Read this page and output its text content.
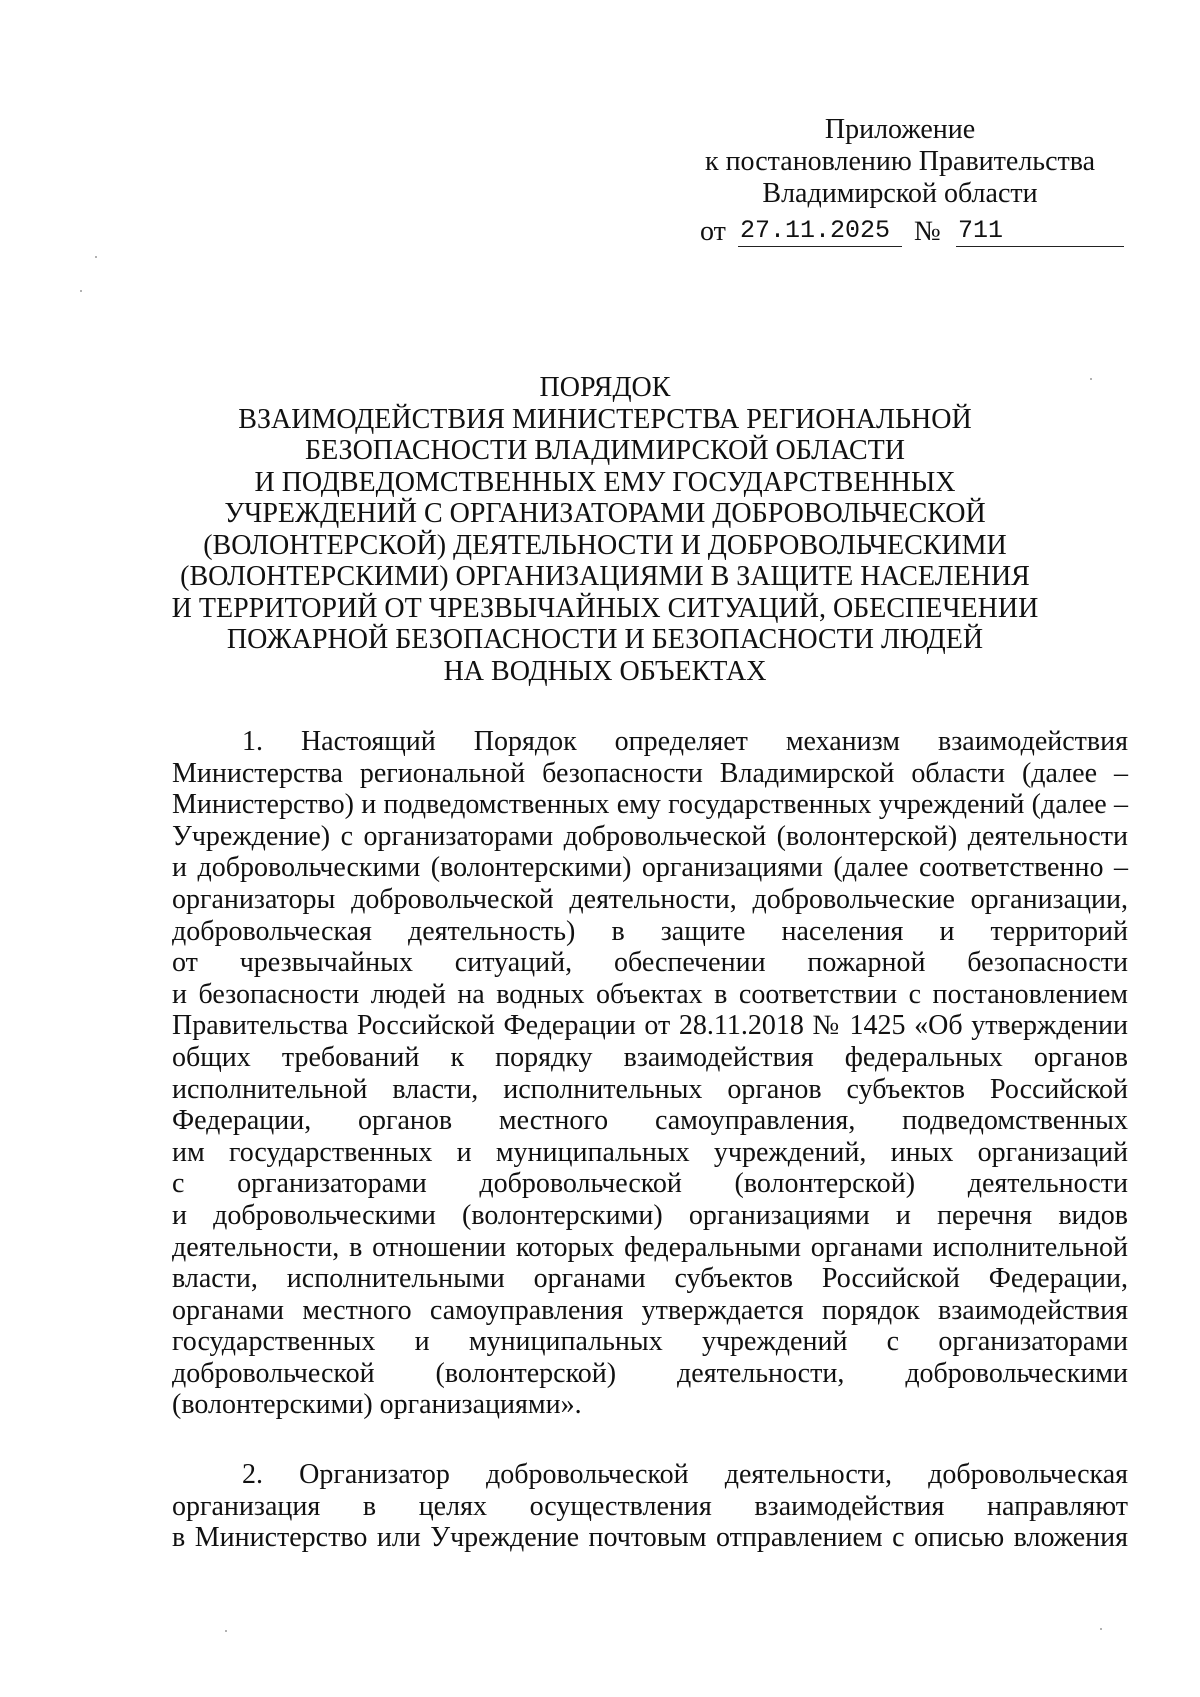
Приложение
к постановлению Правительства
Владимирской области
от 27.11.2025 № 711
ПОРЯДОК
ВЗАИМОДЕЙСТВИЯ МИНИСТЕРСТВА РЕГИОНАЛЬНОЙ
БЕЗОПАСНОСТИ ВЛАДИМИРСКОЙ ОБЛАСТИ
И ПОДВЕДОМСТВЕННЫХ ЕМУ ГОСУДАРСТВЕННЫХ
УЧРЕЖДЕНИЙ С ОРГАНИЗАТОРАМИ ДОБРОВОЛЬЧЕСКОЙ
(ВОЛОНТЕРСКОЙ) ДЕЯТЕЛЬНОСТИ И ДОБРОВОЛЬЧЕСКИМИ
(ВОЛОНТЕРСКИМИ) ОРГАНИЗАЦИЯМИ В ЗАЩИТЕ НАСЕЛЕНИЯ
И ТЕРРИТОРИЙ ОТ ЧРЕЗВЫЧАЙНЫХ СИТУАЦИЙ, ОБЕСПЕЧЕНИИ
ПОЖАРНОЙ БЕЗОПАСНОСТИ И БЕЗОПАСНОСТИ ЛЮДЕЙ
НА ВОДНЫХ ОБЪЕКТАХ
1. Настоящий Порядок определяет механизм взаимодействия
Министерства региональной безопасности Владимирской области (далее –
Министерство) и подведомственных ему государственных учреждений (далее –
Учреждение) с организаторами добровольческой (волонтерской) деятельности
и добровольческими (волонтерскими) организациями (далее соответственно –
организаторы добровольческой деятельности, добровольческие организации,
добровольческая деятельность) в защите населения и территорий
от чрезвычайных ситуаций, обеспечении пожарной безопасности
и безопасности людей на водных объектах в соответствии с постановлением
Правительства Российской Федерации от 28.11.2018 № 1425 «Об утверждении
общих требований к порядку взаимодействия федеральных органов
исполнительной власти, исполнительных органов субъектов Российской
Федерации, органов местного самоуправления, подведомственных
им государственных и муниципальных учреждений, иных организаций
с организаторами добровольческой (волонтерской) деятельности
и добровольческими (волонтерскими) организациями и перечня видов
деятельности, в отношении которых федеральными органами исполнительной
власти, исполнительными органами субъектов Российской Федерации,
органами местного самоуправления утверждается порядок взаимодействия
государственных и муниципальных учреждений с организаторами
добровольческой (волонтерской) деятельности, добровольческими
(волонтерскими) организациями».
2. Организатор добровольческой деятельности, добровольческая
организация в целях осуществления взаимодействия направляют
в Министерство или Учреждение почтовым отправлением с описью вложения
